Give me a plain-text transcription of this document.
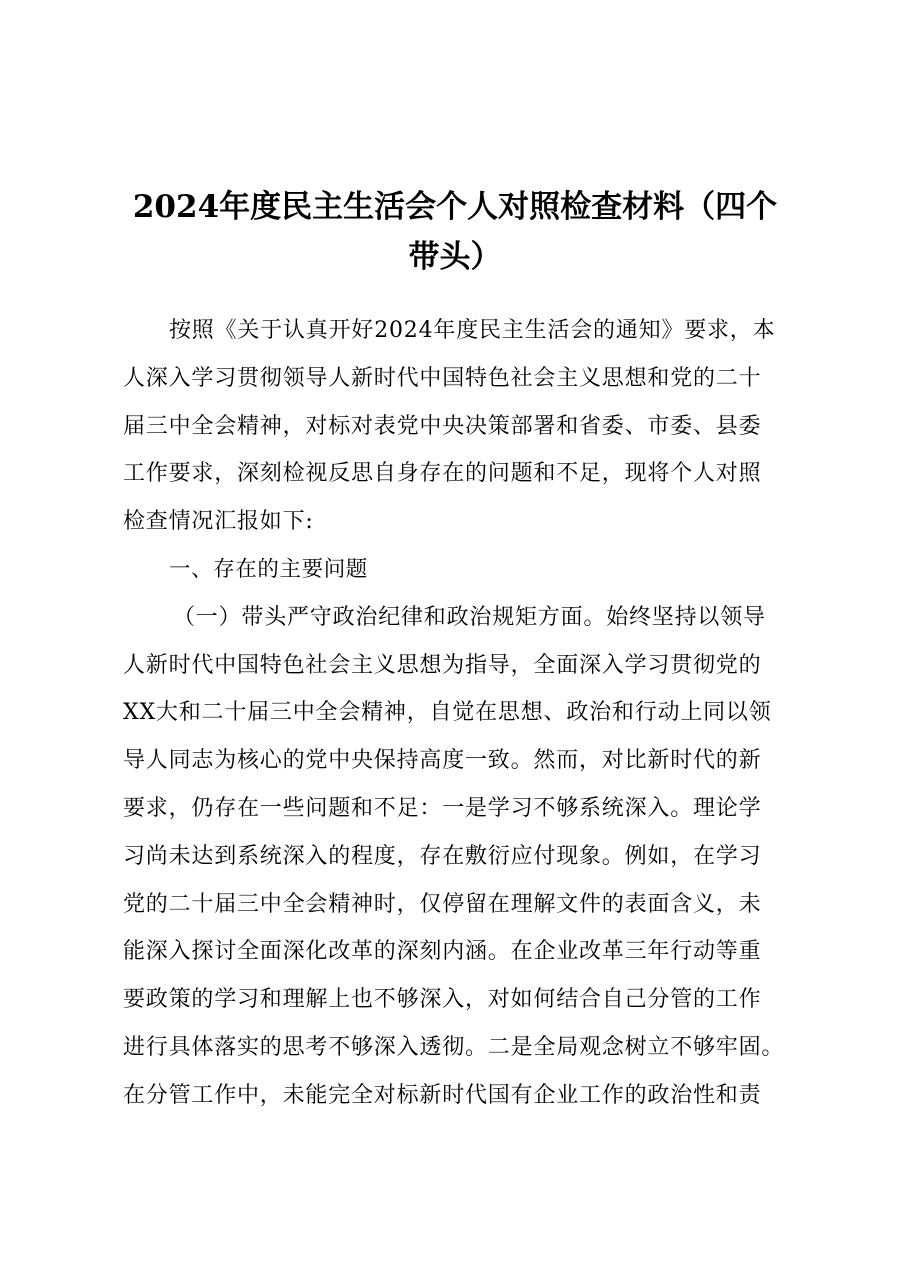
2024年度民主生活会个人对照检查材料（四个
带头）
按照《关于认真开好2024年度民主生活会的通知》要求，本
人深入学习贯彻领导人新时代中国特色社会主义思想和党的二十
届三中全会精神，对标对表党中央决策部署和省委、市委、县委
工作要求，深刻检视反思自身存在的问题和不足，现将个人对照
检查情况汇报如下:
一、存在的主要问题
（一）带头严守政治纪律和政治规矩方面。始终坚持以领导
人新时代中国特色社会主义思想为指导，全面深入学习贯彻党的
XX大和二十届三中全会精神，自觉在思想、政治和行动上同以领
导人同志为核心的党中央保持高度一致。然而，对比新时代的新
要求，仍存在一些问题和不足：一是学习不够系统深入。理论学
习尚未达到系统深入的程度，存在敷衍应付现象。例如，在学习
党的二十届三中全会精神时，仅停留在理解文件的表面含义，未
能深入探讨全面深化改革的深刻内涵。在企业改革三年行动等重
要政策的学习和理解上也不够深入，对如何结合自己分管的工作
进行具体落实的思考不够深入透彻。二是全局观念树立不够牢固。
在分管工作中，未能完全对标新时代国有企业工作的政治性和责
